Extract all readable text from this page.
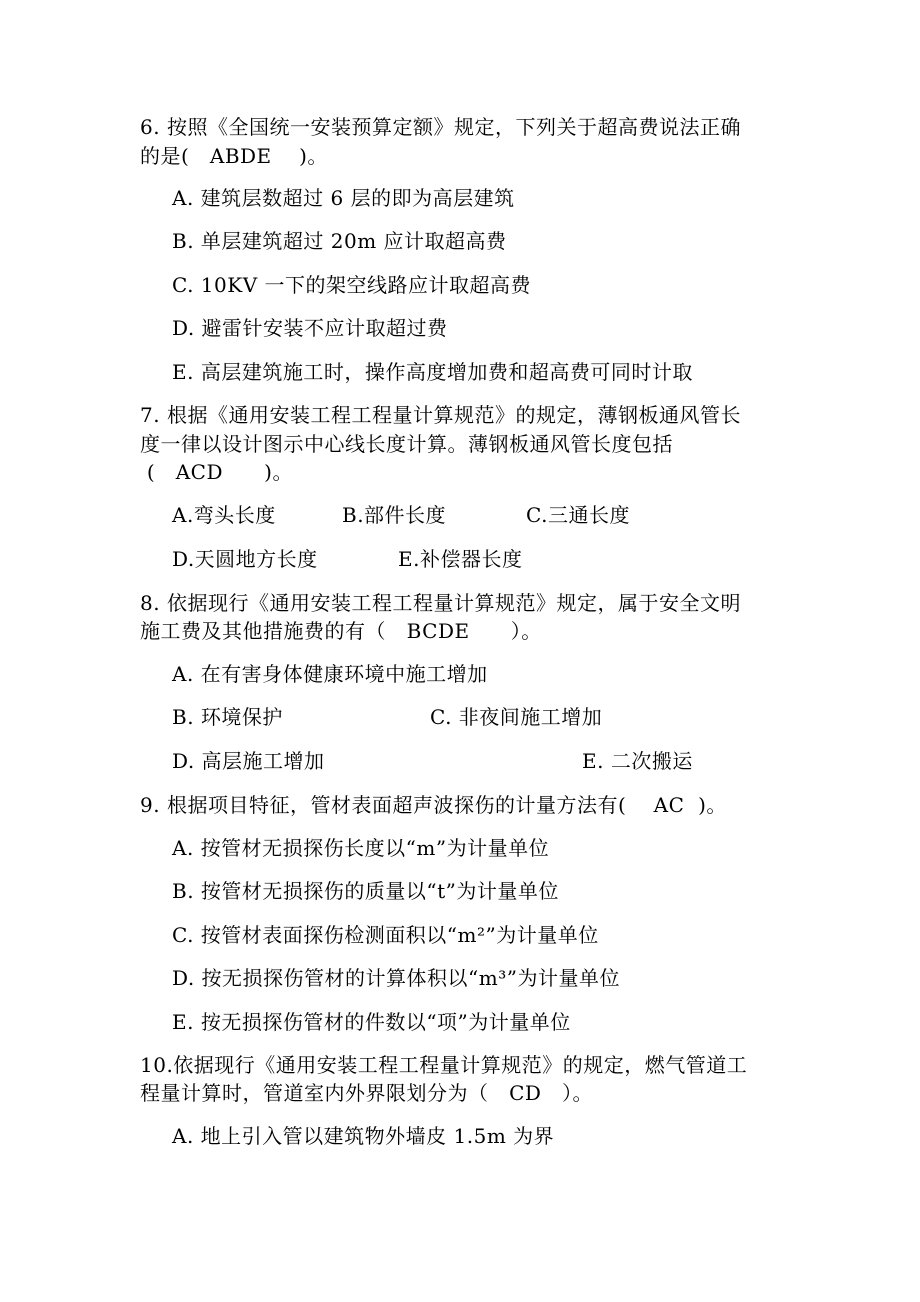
6. 按照《全国统一安装预算定额》规定，下列关于超高费说法正确
的是(   ABDE    )。
A. 建筑层数超过 6 层的即为高层建筑
B. 单层建筑超过 20m 应计取超高费
C. 10KV 一下的架空线路应计取超高费
D. 避雷针安装不应计取超过费
E. 高层建筑施工时，操作高度增加费和超高费可同时计取
7. 根据《通用安装工程工程量计算规范》的规定，薄钢板通风管长
度一律以设计图示中心线长度计算。薄钢板通风管长度包括
(   ACD      )。
A.弯头长度	B.部件长度	C.三通长度
D.天圆地方长度	E.补偿器长度
8. 依据现行《通用安装工程工程量计算规范》规定，属于安全文明
施工费及其他措施费的有（   BCDE      ）。
A. 在有害身体健康环境中施工增加
B. 环境保护	C. 非夜间施工增加
D. 高层施工增加	E. 二次搬运
9. 根据项目特征，管材表面超声波探伤的计量方法有(    AC  )。
A. 按管材无损探伤长度以“m”为计量单位
B. 按管材无损探伤的质量以“t”为计量单位
C. 按管材表面探伤检测面积以“m²”为计量单位
D. 按无损探伤管材的计算体积以“m³”为计量单位
E. 按无损探伤管材的件数以“项”为计量单位
10.依据现行《通用安装工程工程量计算规范》的规定，燃气管道工
程量计算时，管道室内外界限划分为（   CD   ）。
A. 地上引入管以建筑物外墙皮 1.5m 为界
